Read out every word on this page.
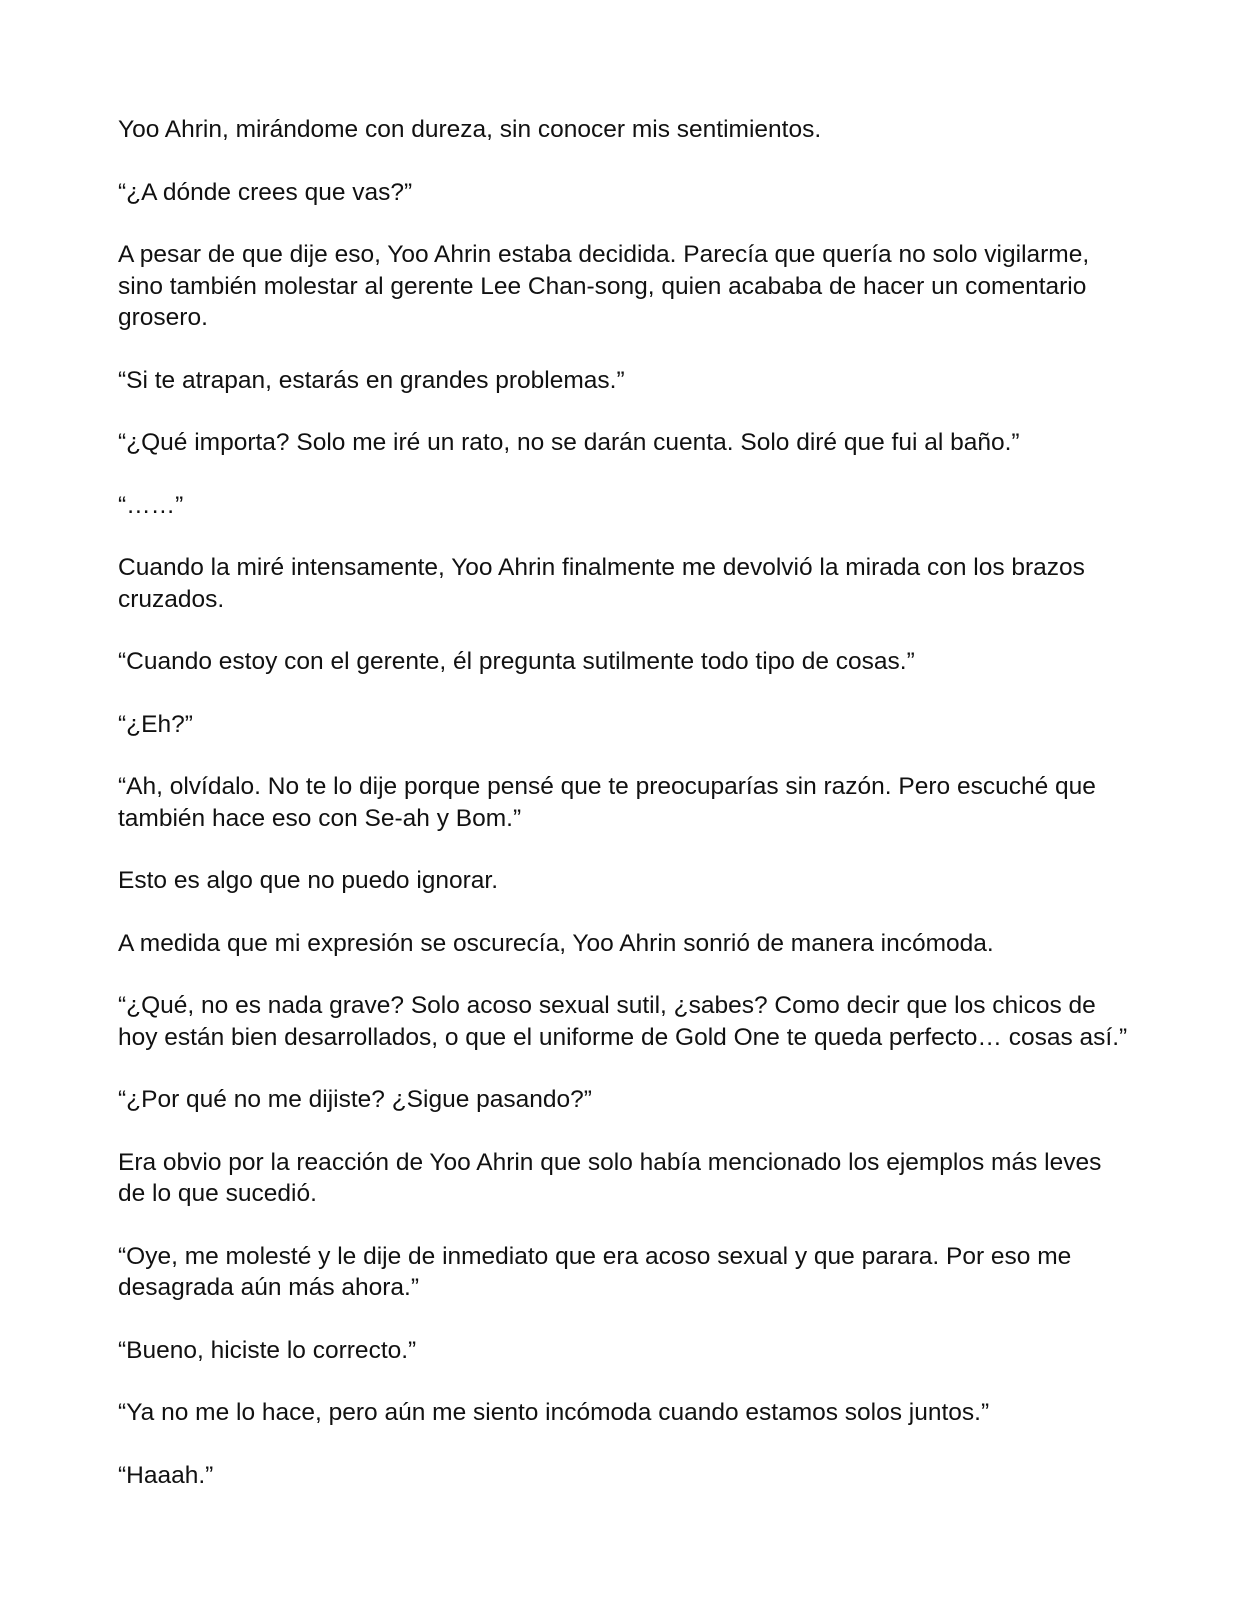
Yoo Ahrin, mirándome con dureza, sin conocer mis sentimientos.

“¿A dónde crees que vas?”

A pesar de que dije eso, Yoo Ahrin estaba decidida. Parecía que quería no solo vigilarme, sino también molestar al gerente Lee Chan-song, quien acababa de hacer un comentario grosero.

“Si te atrapan, estarás en grandes problemas.”

“¿Qué importa? Solo me iré un rato, no se darán cuenta. Solo diré que fui al baño.”

“……”

Cuando la miré intensamente, Yoo Ahrin finalmente me devolvió la mirada con los brazos cruzados.

“Cuando estoy con el gerente, él pregunta sutilmente todo tipo de cosas.”

“¿Eh?”

“Ah, olvídalo. No te lo dije porque pensé que te preocuparías sin razón. Pero escuché que también hace eso con Se-ah y Bom.”

Esto es algo que no puedo ignorar.

A medida que mi expresión se oscurecía, Yoo Ahrin sonrió de manera incómoda.

“¿Qué, no es nada grave? Solo acoso sexual sutil, ¿sabes? Como decir que los chicos de hoy están bien desarrollados, o que el uniforme de Gold One te queda perfecto… cosas así.”

“¿Por qué no me dijiste? ¿Sigue pasando?”

Era obvio por la reacción de Yoo Ahrin que solo había mencionado los ejemplos más leves de lo que sucedió.

“Oye, me molesté y le dije de inmediato que era acoso sexual y que parara. Por eso me desagrada aún más ahora.”

“Bueno, hiciste lo correcto.”

“Ya no me lo hace, pero aún me siento incómoda cuando estamos solos juntos.”

“Haaah.”
